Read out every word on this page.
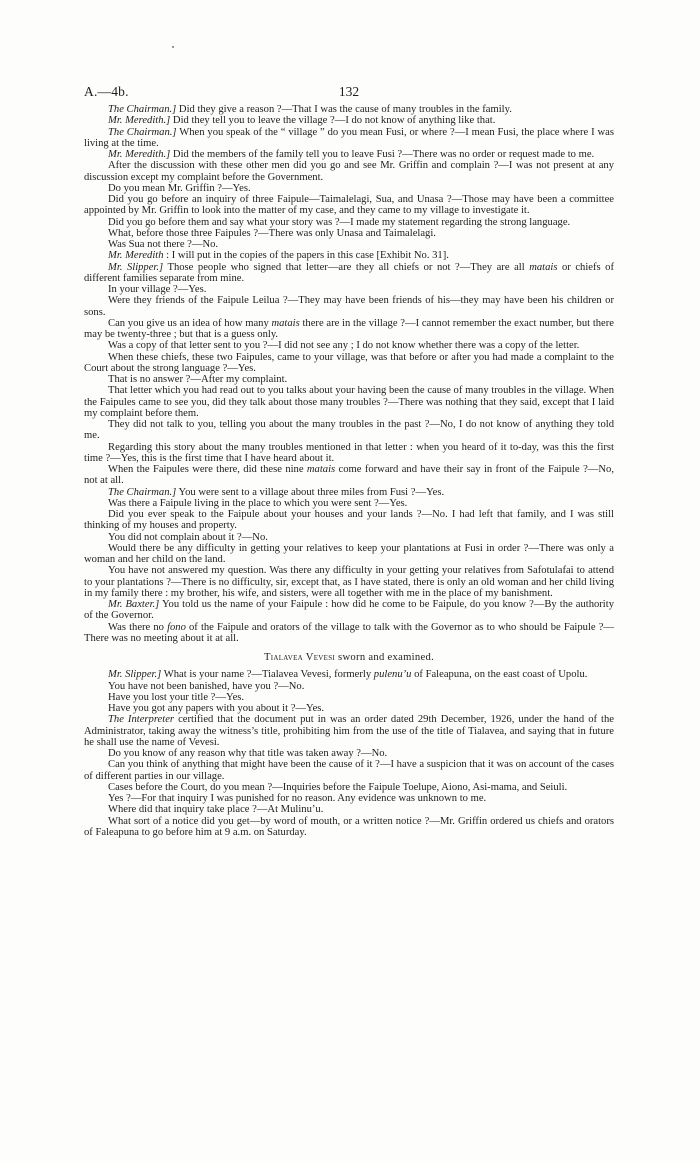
A.—4b.	132

The Chairman.] Did they give a reason ?—That I was the cause of many troubles in the family.

Mr. Meredith.] Did they tell you to leave the village ?—I do not know of anything like that.

The Chairman.] When you speak of the “ village ” do you mean Fusi, or where ?—I mean Fusi, the place where I was living at the time.

Mr. Meredith.] Did the members of the family tell you to leave Fusi ?—There was no order or request made to me.

After the discussion with these other men did you go and see Mr. Griffin and complain ?—I was not present at any discussion except my complaint before the Government.

Do you mean Mr. Griffin ?—Yes.

Did you go before an inquiry of three Faipule—Taimalelagi, Sua, and Unasa ?—Those may have been a committee appointed by Mr. Griffin to look into the matter of my case, and they came to my village to investigate it.

Did you go before them and say what your story was ?—I made my statement regarding the strong language.

What, before those three Faipules ?—There was only Unasa and Taimalelagi.

Was Sua not there ?—No.

Mr. Meredith : I will put in the copies of the papers in this case [Exhibit No. 31].

Mr. Slipper.] Those people who signed that letter—are they all chiefs or not ?—They are all matais or chiefs of different families separate from mine.

In your village ?—Yes.

Were they friends of the Faipule Leilua ?—They may have been friends of his—they may have been his children or sons.

Can you give us an idea of how many matais there are in the village ?—I cannot remember the exact number, but there may be twenty-three ; but that is a guess only.

Was a copy of that letter sent to you ?—I did not see any ; I do not know whether there was a copy of the letter.

When these chiefs, these two Faipules, came to your village, was that before or after you had made a complaint to the Court about the strong language ?—Yes.

That is no answer ?—After my complaint.

That letter which you had read out to you talks about your having been the cause of many troubles in the village. When the Faipules came to see you, did they talk about those many troubles ?—There was nothing that they said, except that I laid my complaint before them.

They did not talk to you, telling you about the many troubles in the past ?—No, I do not know of anything they told me.

Regarding this story about the many troubles mentioned in that letter : when you heard of it to-day, was this the first time ?—Yes, this is the first time that I have heard about it.

When the Faipules were there, did these nine matais come forward and have their say in front of the Faipule ?—No, not at all.

The Chairman.] You were sent to a village about three miles from Fusi ?—Yes.

Was there a Faipule living in the place to which you were sent ?—Yes.

Did you ever speak to the Faipule about your houses and your lands ?—No. I had left that family, and I was still thinking of my houses and property.

You did not complain about it ?—No.

Would there be any difficulty in getting your relatives to keep your plantations at Fusi in order ?—There was only a woman and her child on the land.

You have not answered my question. Was there any difficulty in your getting your relatives from Safotulafai to attend to your plantations ?—There is no difficulty, sir, except that, as I have stated, there is only an old woman and her child living in my family there : my brother, his wife, and sisters, were all together with me in the place of my banishment.

Mr. Baxter.] You told us the name of your Faipule : how did he come to be Faipule, do you know ?—By the authority of the Governor.

Was there no fono of the Faipule and orators of the village to talk with the Governor as to who should be Faipule ?—There was no meeting about it at all.

Tialavea Vevesi sworn and examined.

Mr. Slipper.] What is your name ?—Tialavea Vevesi, formerly pulenu’u of Faleapuna, on the east coast of Upolu.

You have not been banished, have you ?—No.

Have you lost your title ?—Yes.

Have you got any papers with you about it ?—Yes.

The Interpreter certified that the document put in was an order dated 29th December, 1926, under the hand of the Administrator, taking away the witness’s title, prohibiting him from the use of the title of Tialavea, and saying that in future he shall use the name of Vevesi.

Do you know of any reason why that title was taken away ?—No.

Can you think of anything that might have been the cause of it ?—I have a suspicion that it was on account of the cases of different parties in our village.

Cases before the Court, do you mean ?—Inquiries before the Faipule Toelupe, Aiono, Asi-mama, and Seiuli.

Yes ?—For that inquiry I was punished for no reason. Any evidence was unknown to me.

Where did that inquiry take place ?—At Mulinu’u.

What sort of a notice did you get—by word of mouth, or a written notice ?—Mr. Griffin ordered us chiefs and orators of Faleapuna to go before him at 9 a.m. on Saturday.
